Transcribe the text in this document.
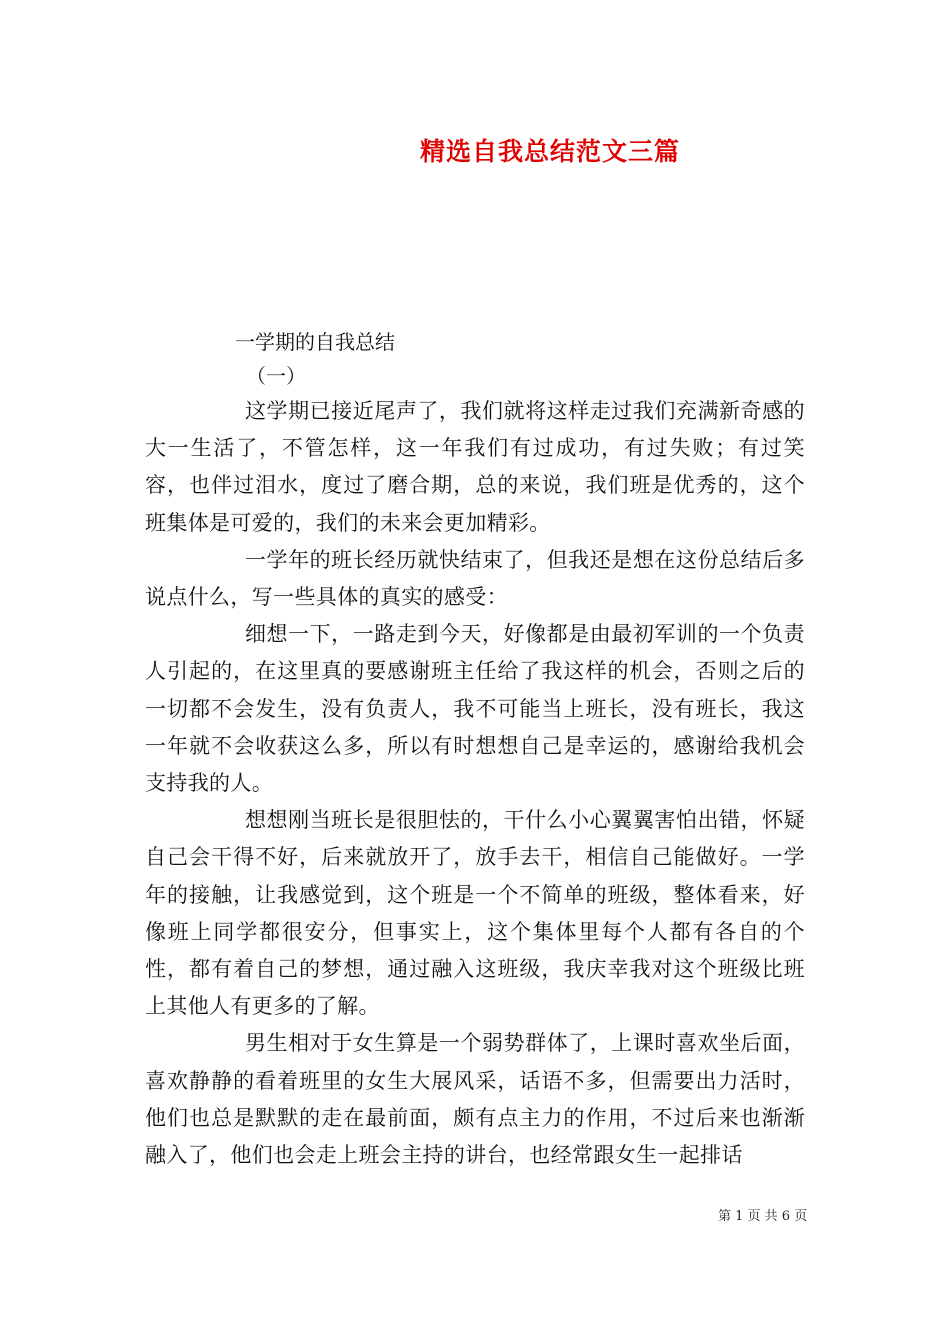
精选自我总结范文三篇
一学期的自我总结
（一）

这学期已接近尾声了，我们就将这样走过我们充满新奇感的大一生活了，不管怎样，这一年我们有过成功，有过失败；有过笑容，也伴过泪水，度过了磨合期，总的来说，我们班是优秀的，这个班集体是可爱的，我们的未来会更加精彩。

一学年的班长经历就快结束了，但我还是想在这份总结后多说点什么，写一些具体的真实的感受：

细想一下，一路走到今天，好像都是由最初军训的一个负责人引起的，在这里真的要感谢班主任给了我这样的机会，否则之后的一切都不会发生，没有负责人，我不可能当上班长，没有班长，我这一年就不会收获这么多，所以有时想想自己是幸运的，感谢给我机会支持我的人。

想想刚当班长是很胆怯的，干什么小心翼翼害怕出错，怀疑自己会干得不好，后来就放开了，放手去干，相信自己能做好。一学年的接触，让我感觉到，这个班是一个不简单的班级，整体看来，好像班上同学都很安分，但事实上，这个集体里每个人都有各自的个性，都有着自己的梦想，通过融入这班级，我庆幸我对这个班级比班上其他人有更多的了解。

男生相对于女生算是一个弱势群体了，上课时喜欢坐后面，喜欢静静的看着班里的女生大展风采，话语不多，但需要出力活时，他们也总是默默的走在最前面，颇有点主力的作用，不过后来也渐渐融入了，他们也会走上班会主持的讲台，也经常跟女生一起排话

第 1 页 共 6 页
